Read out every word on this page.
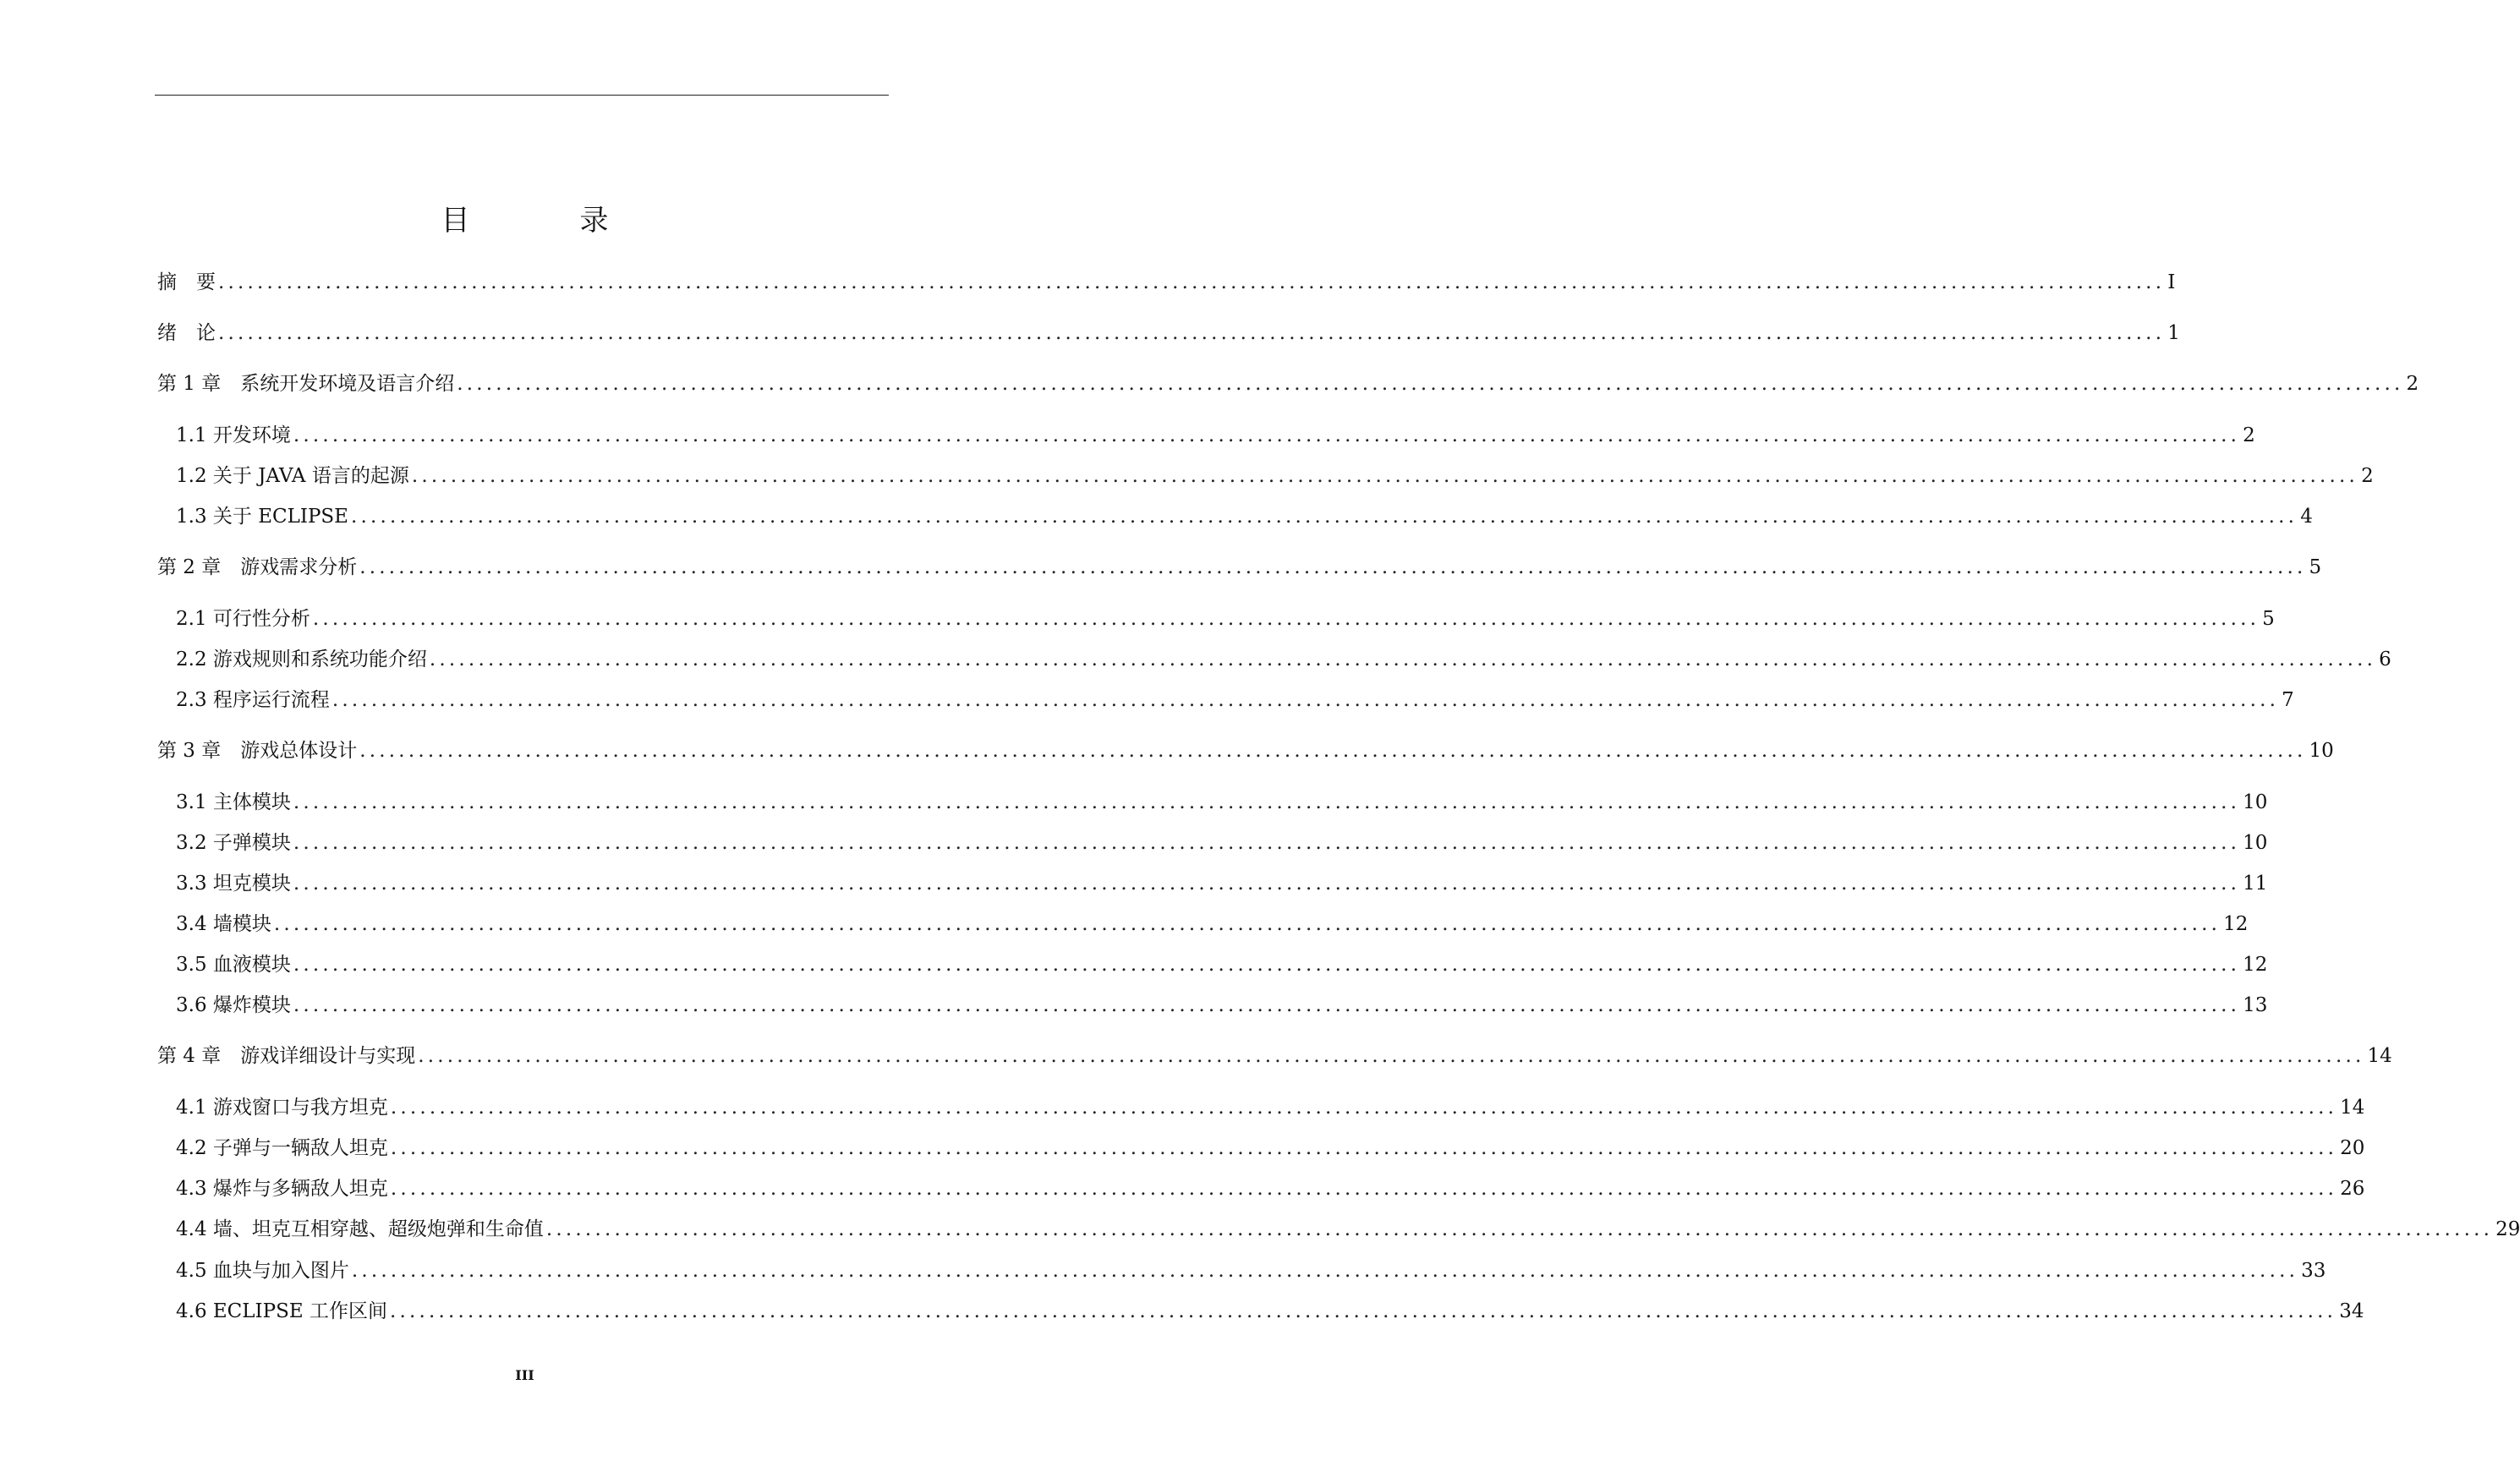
目　录
摘　要 ........................................................................................................................................................................................................ I
绪　论 ........................................................................................................................................................................................................ 1
第 1 章　系统开发环境及语言介绍 ........................................................................................................................................................................................................ 2
1.1 开发环境 ........................................................................................................................................................................................................ 2
1.2 关于 JAVA 语言的起源 ........................................................................................................................................................................................................ 2
1.3 关于 ECLIPSE ........................................................................................................................................................................................................ 4
第 2 章　游戏需求分析 ........................................................................................................................................................................................................ 5
2.1 可行性分析 ........................................................................................................................................................................................................ 5
2.2 游戏规则和系统功能介绍 ........................................................................................................................................................................................................ 6
2.3 程序运行流程 ........................................................................................................................................................................................................ 7
第 3 章　游戏总体设计 ........................................................................................................................................................................................................ 10
3.1 主体模块 ........................................................................................................................................................................................................ 10
3.2 子弹模块 ........................................................................................................................................................................................................ 10
3.3 坦克模块 ........................................................................................................................................................................................................ 11
3.4 墙模块 ........................................................................................................................................................................................................ 12
3.5 血液模块 ........................................................................................................................................................................................................ 12
3.6 爆炸模块 ........................................................................................................................................................................................................ 13
第 4 章　游戏详细设计与实现 ........................................................................................................................................................................................................ 14
4.1 游戏窗口与我方坦克 ........................................................................................................................................................................................................ 14
4.2 子弹与一辆敌人坦克 ........................................................................................................................................................................................................ 20
4.3 爆炸与多辆敌人坦克 ........................................................................................................................................................................................................ 26
4.4 墙、坦克互相穿越、超级炮弹和生命值 ........................................................................................................................................................................................................ 29
4.5 血块与加入图片 ........................................................................................................................................................................................................ 33
4.6 ECLIPSE 工作区间 ........................................................................................................................................................................................................ 34
III
